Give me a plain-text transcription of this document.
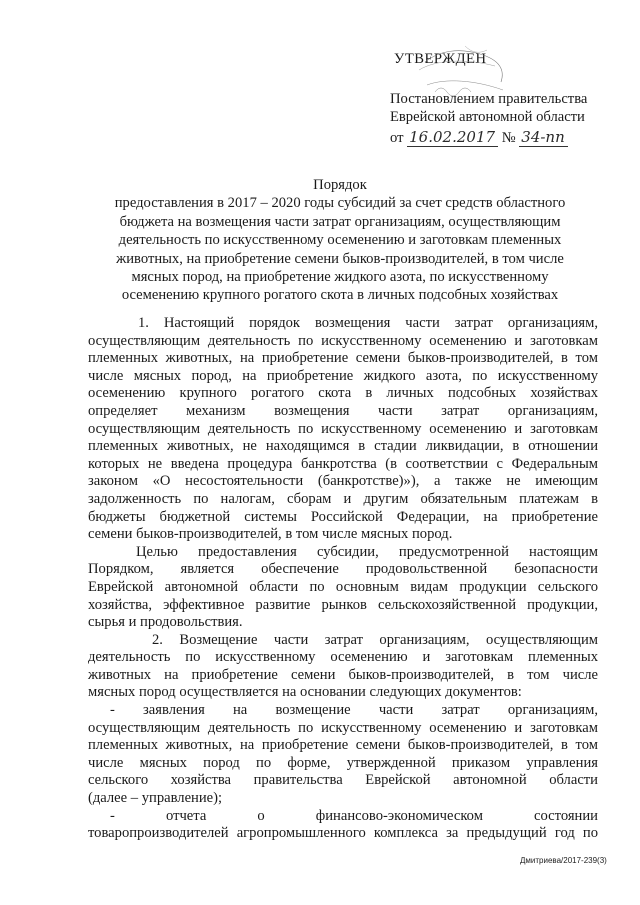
УТВЕРЖДЕН
Постановлением правительства
Еврейской автономной области
от 16.02.2017 № 34-пп
Порядок
предоставления в 2017 – 2020 годы субсидий за счет средств областного
бюджета на возмещения части затрат организациям, осуществляющим
деятельность по искусственному осеменению и заготовкам племенных
животных, на приобретение семени быков-производителей, в том числе
мясных пород, на приобретение жидкого азота, по искусственному
осеменению крупного рогатого скота в личных подсобных хозяйствах
1. Настоящий порядок возмещения части затрат организациям,
осуществляющим деятельность по искусственному осеменению и заготовкам
племенных животных, на приобретение семени быков-производителей, в том
числе мясных пород, на приобретение жидкого азота, по искусственному
осеменению крупного рогатого скота в личных подсобных хозяйствах
определяет механизм возмещения части затрат организациям,
осуществляющим деятельность по искусственному осеменению и заготовкам
племенных животных, не находящимся в стадии ликвидации, в отношении
которых не введена процедура банкротства (в соответствии с Федеральным
законом «О несостоятельности (банкротстве)»), а также не имеющим
задолженность по налогам, сборам и другим обязательным платежам в
бюджеты бюджетной системы Российской Федерации, на приобретение
семени быков-производителей, в том числе мясных пород.
Целью предоставления субсидии, предусмотренной настоящим
Порядком, является обеспечение продовольственной безопасности
Еврейской автономной области по основным видам продукции сельского
хозяйства, эффективное развитие рынков сельскохозяйственной продукции,
сырья и продовольствия.
2. Возмещение части затрат организациям, осуществляющим
деятельность по искусственному осеменению и заготовкам племенных
животных на приобретение семени быков-производителей, в том числе
мясных пород осуществляется на основании следующих документов:
- заявления на возмещение части затрат организациям,
осуществляющим деятельность по искусственному осеменению и заготовкам
племенных животных, на приобретение семени быков-производителей, в том
числе мясных пород по форме, утвержденной приказом управления
сельского хозяйства правительства Еврейской автономной области
(далее – управление);
- отчета о финансово-экономическом состоянии
товаропроизводителей агропромышленного комплекса за предыдущий год по
Дмитриева/2017-239(3)
